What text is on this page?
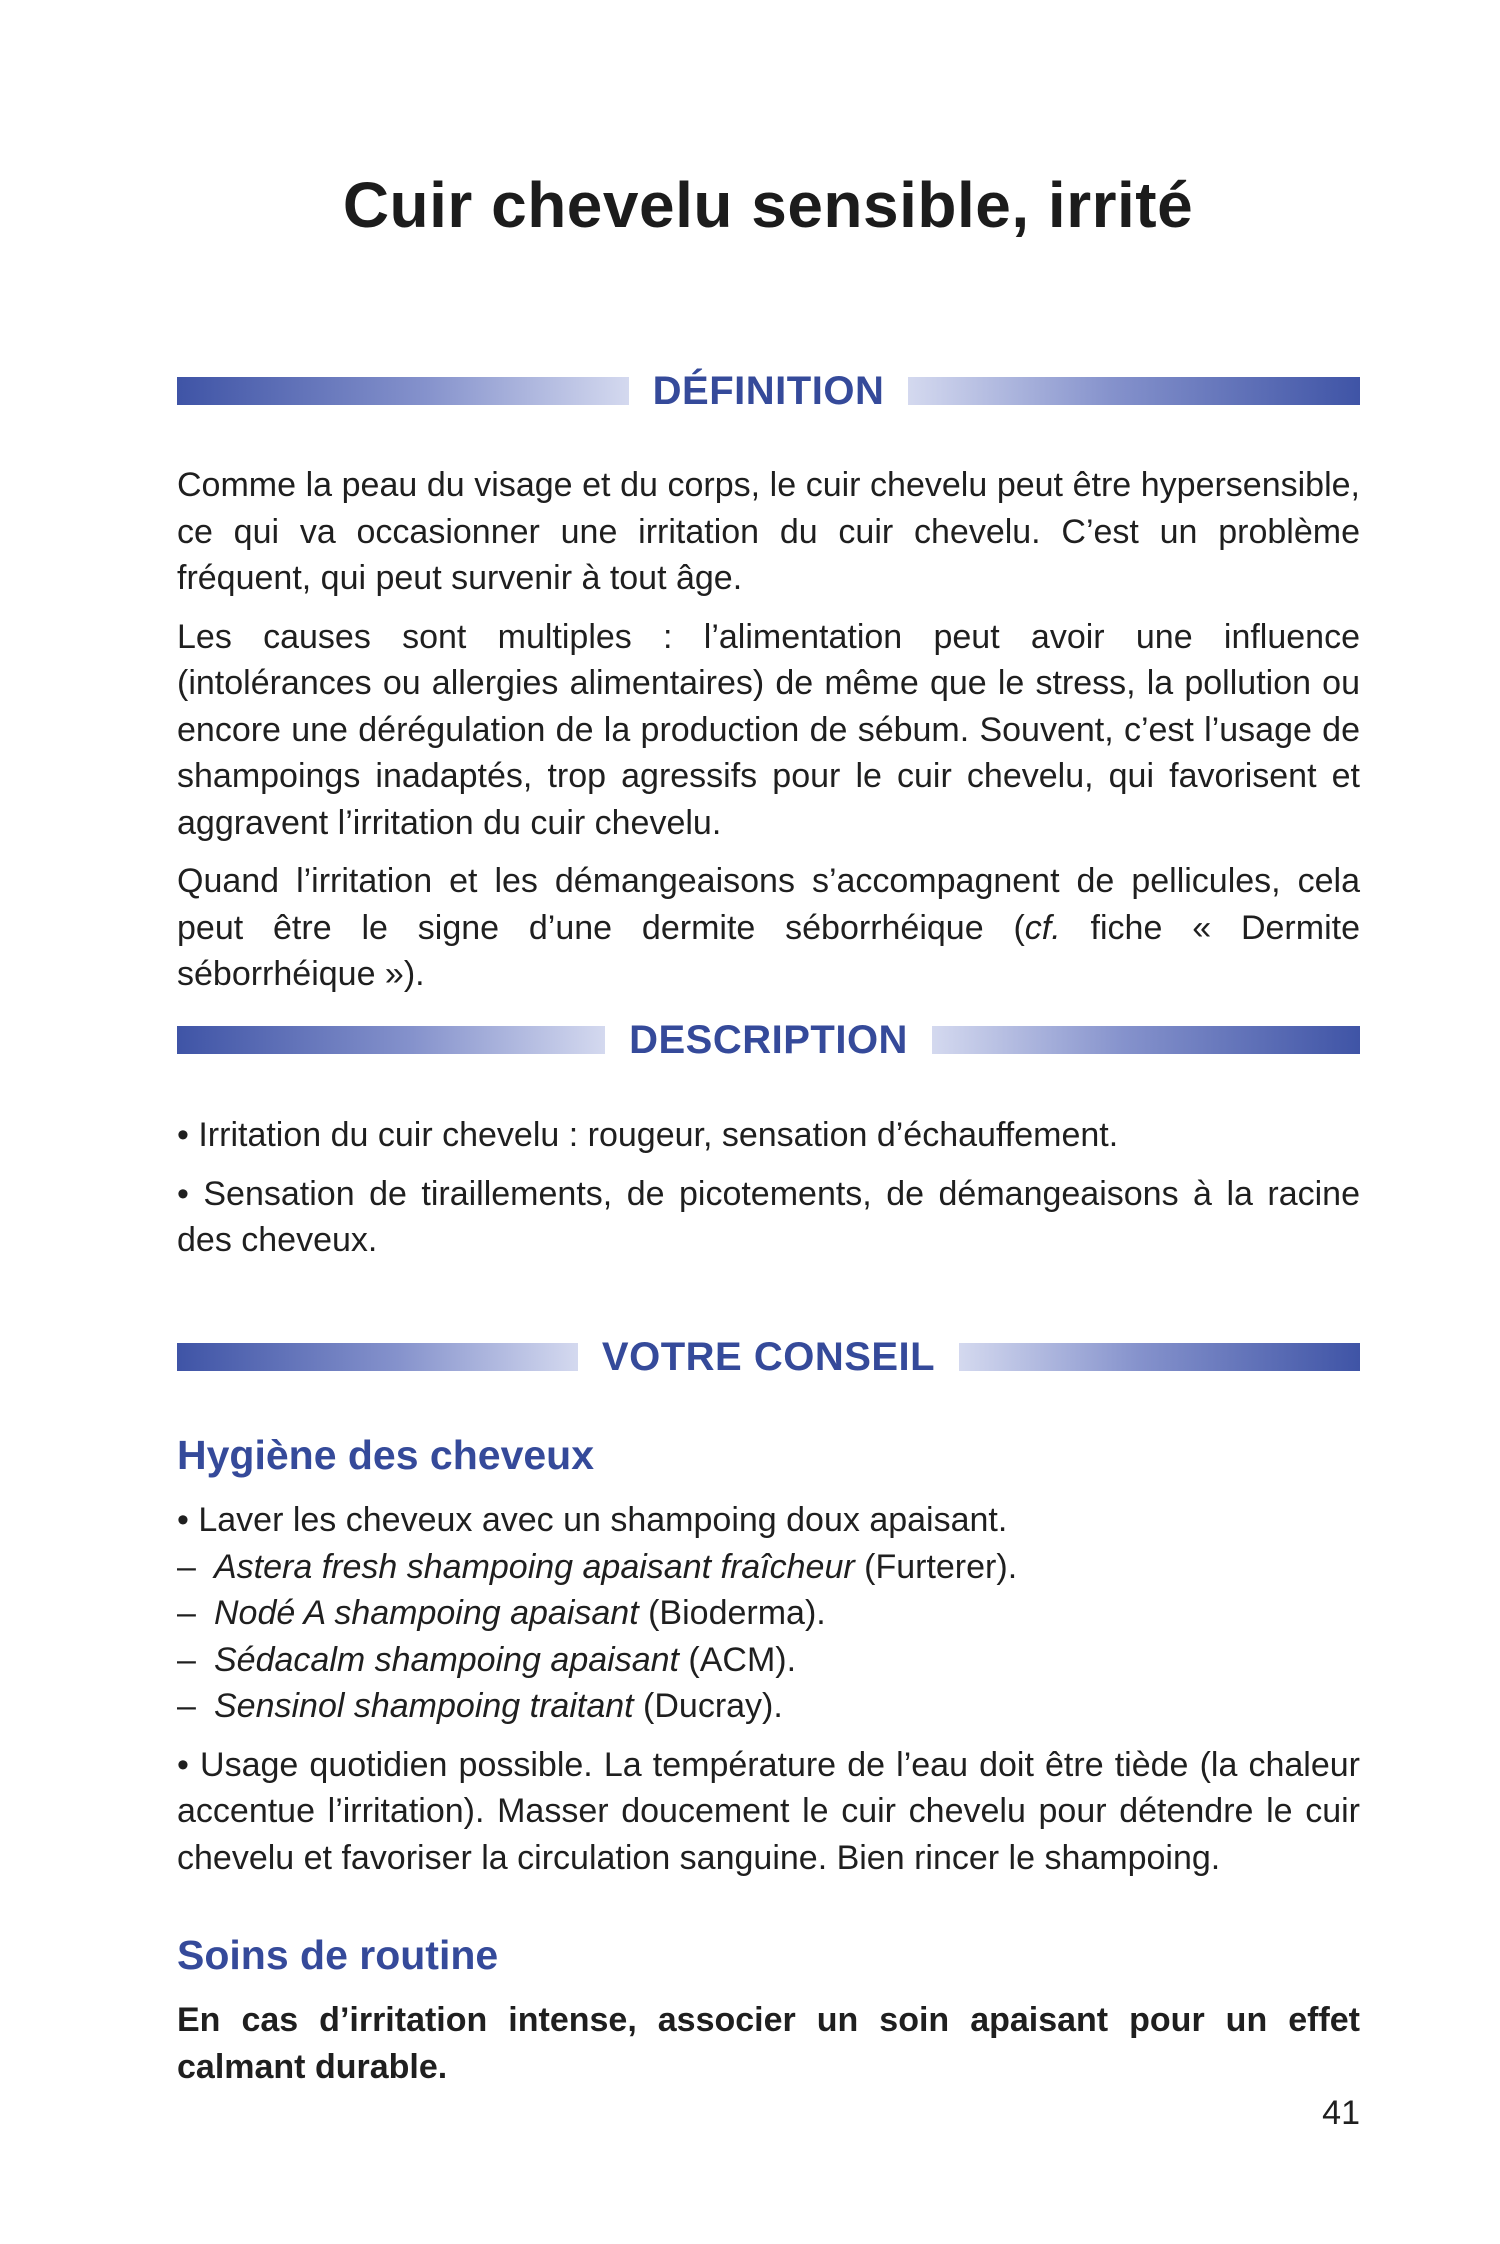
Cuir chevelu sensible, irrité
DÉFINITION

Comme la peau du visage et du corps, le cuir chevelu peut être hypersensible, ce qui va occasionner une irritation du cuir chevelu. C’est un problème fréquent, qui peut survenir à tout âge.

Les causes sont multiples : l’alimentation peut avoir une influence (intolérances ou allergies alimentaires) de même que le stress, la pollution ou encore une dérégulation de la production de sébum. Souvent, c’est l’usage de shampoings inadaptés, trop agressifs pour le cuir chevelu, qui favorisent et aggravent l’irritation du cuir chevelu.

Quand l’irritation et les démangeaisons s’accompagnent de pellicules, cela peut être le signe d’une dermite séborrhéique (cf. fiche « Dermite séborrhéique »).

DESCRIPTION

• Irritation du cuir chevelu : rougeur, sensation d’échauffement.

• Sensation de tiraillements, de picotements, de démangeaisons à la racine des cheveux.

VOTRE CONSEIL
Hygiène des cheveux
• Laver les cheveux avec un shampoing doux apaisant.
– Astera fresh shampoing apaisant fraîcheur (Furterer).
– Nodé A shampoing apaisant (Bioderma).
– Sédacalm shampoing apaisant (ACM).
– Sensinol shampoing traitant (Ducray).

• Usage quotidien possible. La température de l’eau doit être tiède (la chaleur accentue l’irritation). Masser doucement le cuir chevelu pour détendre le cuir chevelu et favoriser la circulation sanguine. Bien rincer le shampoing.

Soins de routine

En cas d’irritation intense, associer un soin apaisant pour un effet calmant durable.

41
